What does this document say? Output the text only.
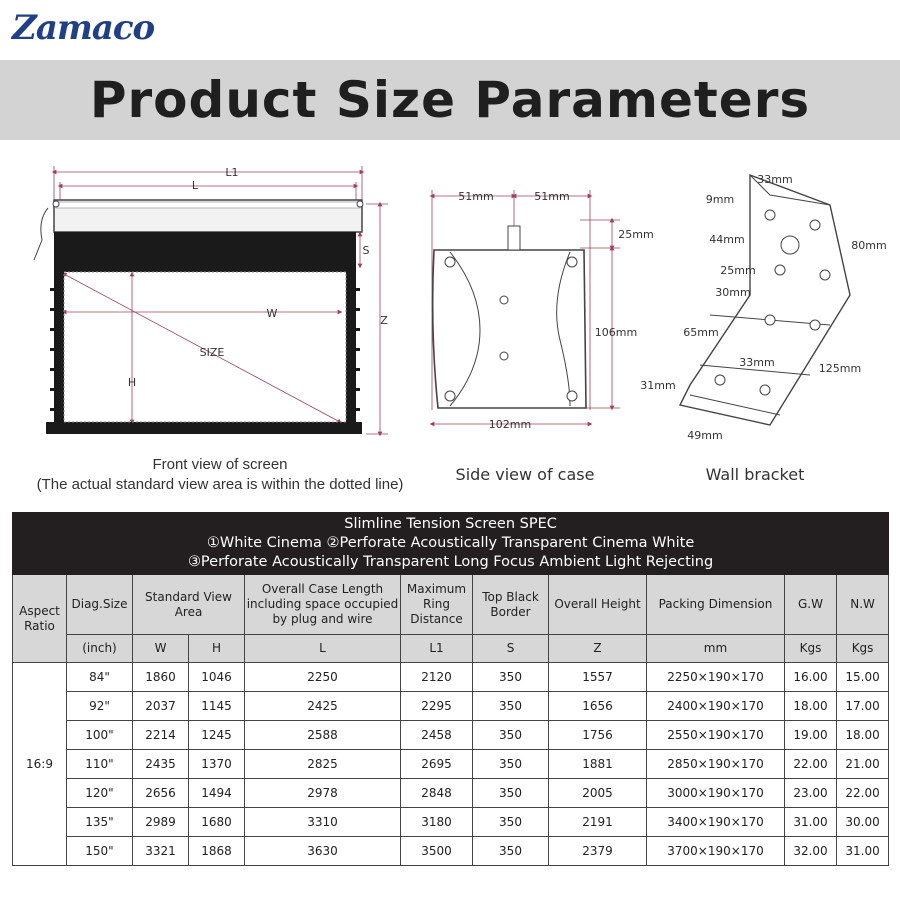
Zamaco
Product Size Parameters
L1
L
S
W
Z
SIZE
H
Front view of screen
(The actual standard view area is within the dotted line)
51mm	51mm
25mm
106mm
102mm
Side view of case
33mm
9mm
44mm	80mm
25mm
30mm
65mm
33mm	125mm
31mm
49mm
Wall bracket
Slimline Tension Screen SPEC
①White Cinema ②Perforate Acoustically Transparent Cinema White
③Perforate Acoustically Transparent Long Focus Ambient Light Rejecting										

Aspect Ratio	Diag.Size	Standard View Area		Overall Case Length including space occupied by plug and wire	Maximum Ring Distance	Top Black Border	Overall Height	Packing Dimension	G.W	N.W
	(inch)	W	H	L	L1	S	Z	mm	Kgs	Kgs
16:9	84"	1860	1046	2250	2120	350	1557	2250×190×170	16.00	15.00
	92"	2037	1145	2425	2295	350	1656	2400×190×170	18.00	17.00
	100"	2214	1245	2588	2458	350	1756	2550×190×170	19.00	18.00
	110"	2435	1370	2825	2695	350	1881	2850×190×170	22.00	21.00
	120"	2656	1494	2978	2848	350	2005	3000×190×170	23.00	22.00
	135"	2989	1680	3310	3180	350	2191	3400×190×170	31.00	30.00
	150"	3321	1868	3630	3500	350	2379	3700×190×170	32.00	31.00
